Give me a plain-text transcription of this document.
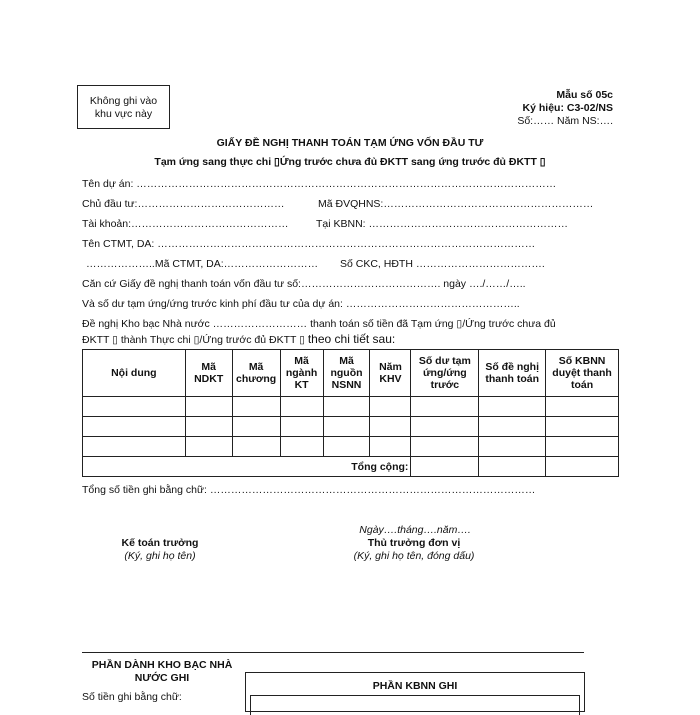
Không ghi vào
khu vực này
Mẫu số 05c
Ký hiệu: C3-02/NS
Số:…… Năm NS:….
GIẤY ĐỀ NGHỊ THANH TOÁN TẠM ỨNG VỐN ĐẦU TƯ
Tạm ứng sang thực chi ▯Ứng trước chưa đủ ĐKTT sang ứng trước đủ ĐKTT ▯
Tên dự án: …………………………………………………………………………………………………………
Chủ đầu tư:……………………………………	Mã ĐVQHNS:……………………………………………………
Tài khoản:………………………………………	Tại KBNN: …………………………………………………
Tên CTMT, DA: ………………………………………………………………………………………………
………………..Mã CTMT, DA:……………………… Số CKC, HĐTH ……………………………….
Căn cứ Giấy đề nghị thanh toán vốn đầu tư số:…………………………………. ngày …./……/…..
Và số dư tạm ứng/ứng trước kinh phí đầu tư của dự án: …………………………………………..
Đề nghị Kho bạc Nhà nước ……………………… thanh toán số tiền đã Tạm ứng ▯/Ứng trước chưa đủ
ĐKTT ▯ thành Thực chi ▯/Ứng trước đủ ĐKTT ▯ theo chi tiết sau:
Nội dung	Mã NDKT	Mã chương	Mã ngành KT	Mã nguồn NSNN	Năm KHV	Số dư tạm ứng/ứng trước	Số đề nghị thanh toán	Số KBNN duyệt thanh toán

Tổng cộng:								
Tổng số tiền ghi bằng chữ: …………………………………………………………………………………
Ngày….tháng….năm….
Kế toán trưởng
(Ký, ghi họ tên)
Thủ trưởng đơn vị
(Ký, ghi họ tên, đóng dấu)
PHẦN DÀNH KHO BẠC NHÀ NƯỚC GHI
Số tiền ghi bằng chữ:
PHẦN KBNN GHI
